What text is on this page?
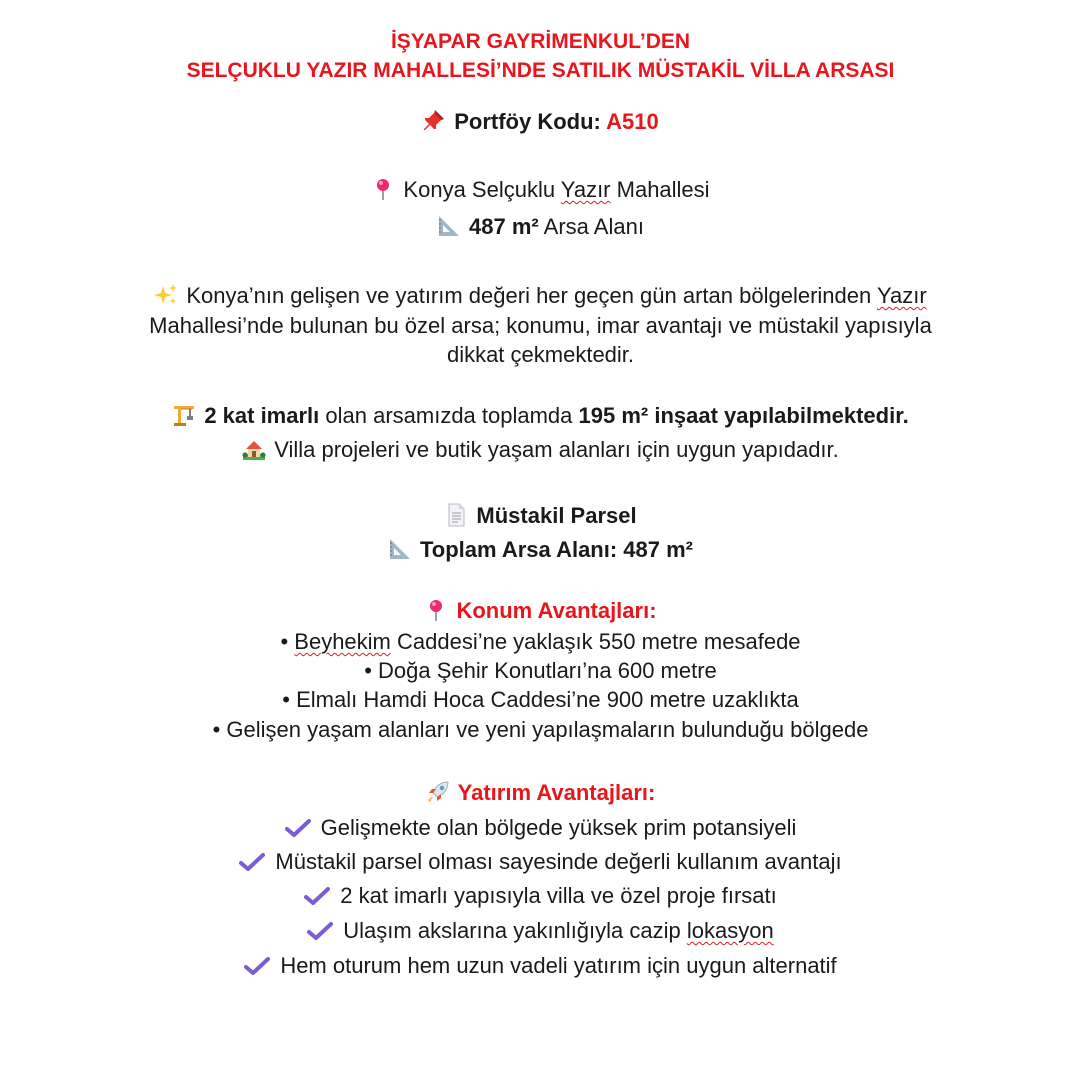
İŞYAPAR GAYRİMENKUL’DEN
SELÇUKLU YAZIR MAHALLESİ’NDE SATILIK MÜSTAKİL VİLLA ARSASI
Portföy Kodu: A510
Konya Selçuklu Yazır Mahallesi
487 m² Arsa Alanı
Konya’nın gelişen ve yatırım değeri her geçen gün artan bölgelerinden Yazır
Mahallesi’nde bulunan bu özel arsa; konumu, imar avantajı ve müstakil yapısıyla
dikkat çekmektedir.
2 kat imarlı olan arsamızda toplamda 195 m² inşaat yapılabilmektedir.
Villa projeleri ve butik yaşam alanları için uygun yapıdadır.
Müstakil Parsel
Toplam Arsa Alanı: 487 m²
Konum Avantajları:
• Beyhekim Caddesi’ne yaklaşık 550 metre mesafede
• Doğa Şehir Konutları’na 600 metre
• Elmalı Hamdi Hoca Caddesi’ne 900 metre uzaklıkta
• Gelişen yaşam alanları ve yeni yapılaşmaların bulunduğu bölgede
Yatırım Avantajları:
Gelişmekte olan bölgede yüksek prim potansiyeli
Müstakil parsel olması sayesinde değerli kullanım avantajı
2 kat imarlı yapısıyla villa ve özel proje fırsatı
Ulaşım akslarına yakınlığıyla cazip lokasyon
Hem oturum hem uzun vadeli yatırım için uygun alternatif
